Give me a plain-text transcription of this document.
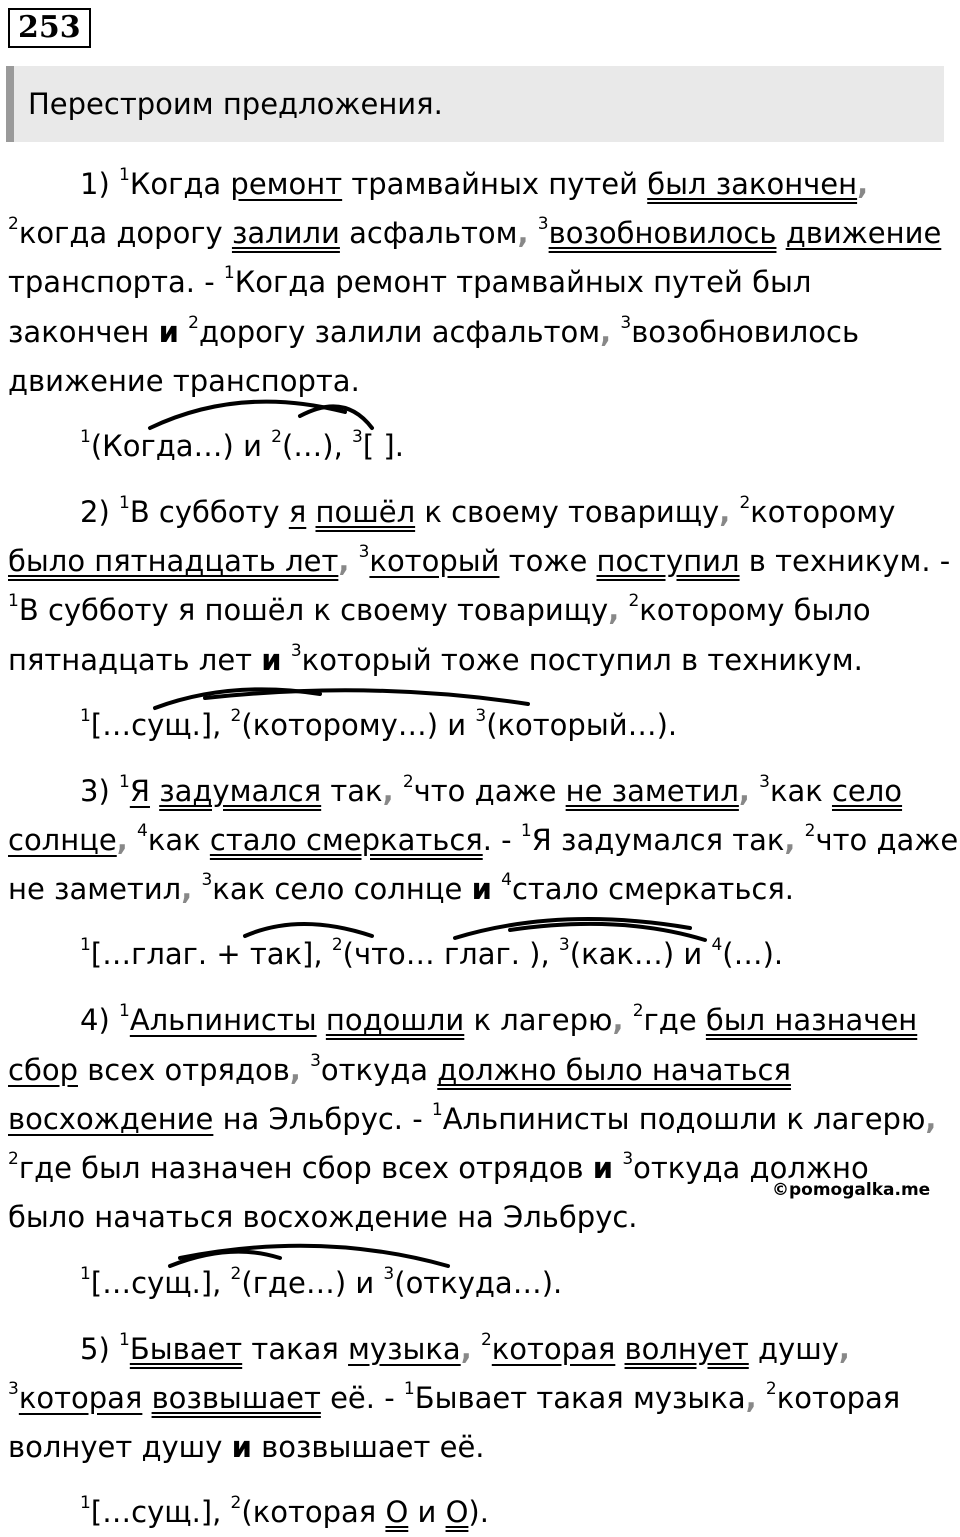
253
Перестроим предложения.
1) $^1$Когда ремонт трамвайных путей был закончен,
$^2$когда дорогу залили асфальтом, $^3$возобновилось движение
транспорта. - $^1$Когда ремонт трамвайных путей был
закончен и $^2$дорогу залили асфальтом, $^3$возобновилось
движение транспорта.
$^1$(Когда…) и $^2$(…), $^3$[ ].
2) $^1$В субботу я пошёл к своему товарищу, $^2$которому
было пятнадцать лет, $^3$который тоже поступил в техникум. -
$^1$В субботу я пошёл к своему товарищу, $^2$которому было
пятнадцать лет и $^3$который тоже поступил в техникум.
$^1$[…сущ.], $^2$(которому…) и $^3$(который…).
3) $^1$Я задумался так, $^2$что даже не заметил, $^3$как село
солнце, $^4$как стало смеркаться. - $^1$Я задумался так, $^2$что даже
не заметил, $^3$как село солнце и $^4$стало смеркаться.
$^1$[…глаг. + так], $^2$(что… глаг. ), $^3$(как…) и $^4$(…).
4) $^1$Альпинисты подошли к лагерю, $^2$где был назначен
сбор всех отрядов, $^3$откуда должно было начаться
восхождение на Эльбрус. - $^1$Альпинисты подошли к лагерю,
$^2$где был назначен сбор всех отрядов и $^3$откуда должно
было начаться восхождение на Эльбрус.
$^1$[…сущ.], $^2$(где…) и $^3$(откуда…).
5) $^1$Бывает такая музыка, $^2$которая волнует душу,
$^3$которая возвышает её. - $^1$Бывает такая музыка, $^2$которая
волнует душу и возвышает её.
$^1$[…сущ.], $^2$(которая О и О).
©pomogalka.me
